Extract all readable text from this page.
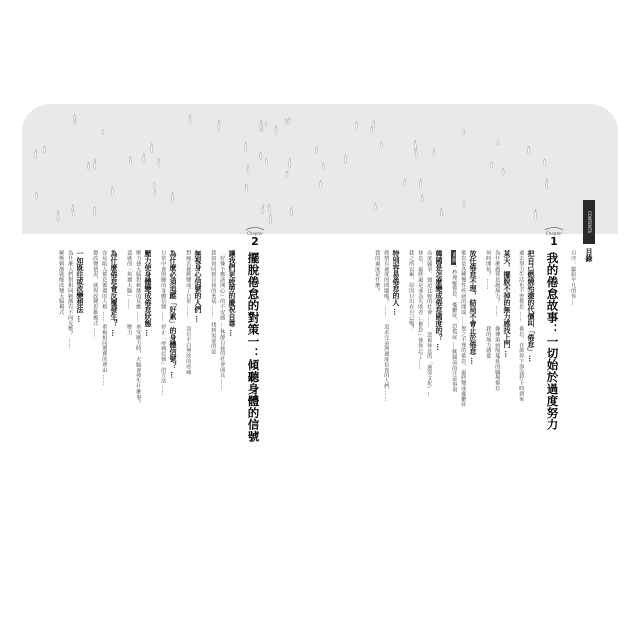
CONTENTS
目錄
自序：獻給平凡的你 …
Chapter
1
我的倦怠故事：一切始於過度努力
把自己燃燒殆盡的代價叫「倦怠」…
過去努力生活也不曾倦怠 ……
倦怠，在訓停下卻沒停下時到來
某天，擺脫不掉的無力感找上門 …
為什麼越休息越無力？ ……
像傳染病般蔓延的職場倦怠
何時開始？ ……
我的無力感從
放任倦怠不理，結局不會止於倦怠 …
倦怠是各種慢性疾病的開端 ……
置之不理的倦怠，最終變成憂鬱症
重點
一秒理解倦怠、憂鬱症、恐慌症 ……
就醫前的注意事項
韓國是怎麼變成倦怠國度的？ …
高度競爭、強迫比較的社會 ……
忽視休息的「過勞文化」…
休息，最終還是成為失敗者 ……
「倦怠」使你忘了……
我之所以累，原因只出在自己嗎？
特別容易倦怠的人 …
熱情有過度的問題嗎？ ……
追求完美與過度負責的人們 ……
我的過度是什麼？
Chapter
2
擺脫倦怠的對策一：傾聽身體的信號
讓我們更疲勞的慶祝自尊 …
「好像不應該開心」的不安感 ……
休靜自我的社會面具 ……
我如何回到自我的勇氣 ……
找到需要的是
無視身心信號的人們 …
對痛苦遲鈍變成了日常 ……
沒有平白無故的疼痛
為什麼必須追蹤「好累」的身體信號？ …
日常中會照顧的身體信號 ……
停止「疼痛信號」的方法 ……
壓力使身體變成倦怠狀態 …
壓力使大腦對刺激的反應 ……
承受壓力時，大腦會發生什麼事？
造就的「焦慮大腦」……
壓力
為什麼倦怠會反覆發生？ …
容易陷入倦怠循環的人格 ……
重複相同選擇的理由 ……
想改變情況，就得改變思維模式 ……
一如既往或改變想法 …
為什麼人們對相同刺激有不同反應？ ……
解壓刺激就能改變大腦模式
